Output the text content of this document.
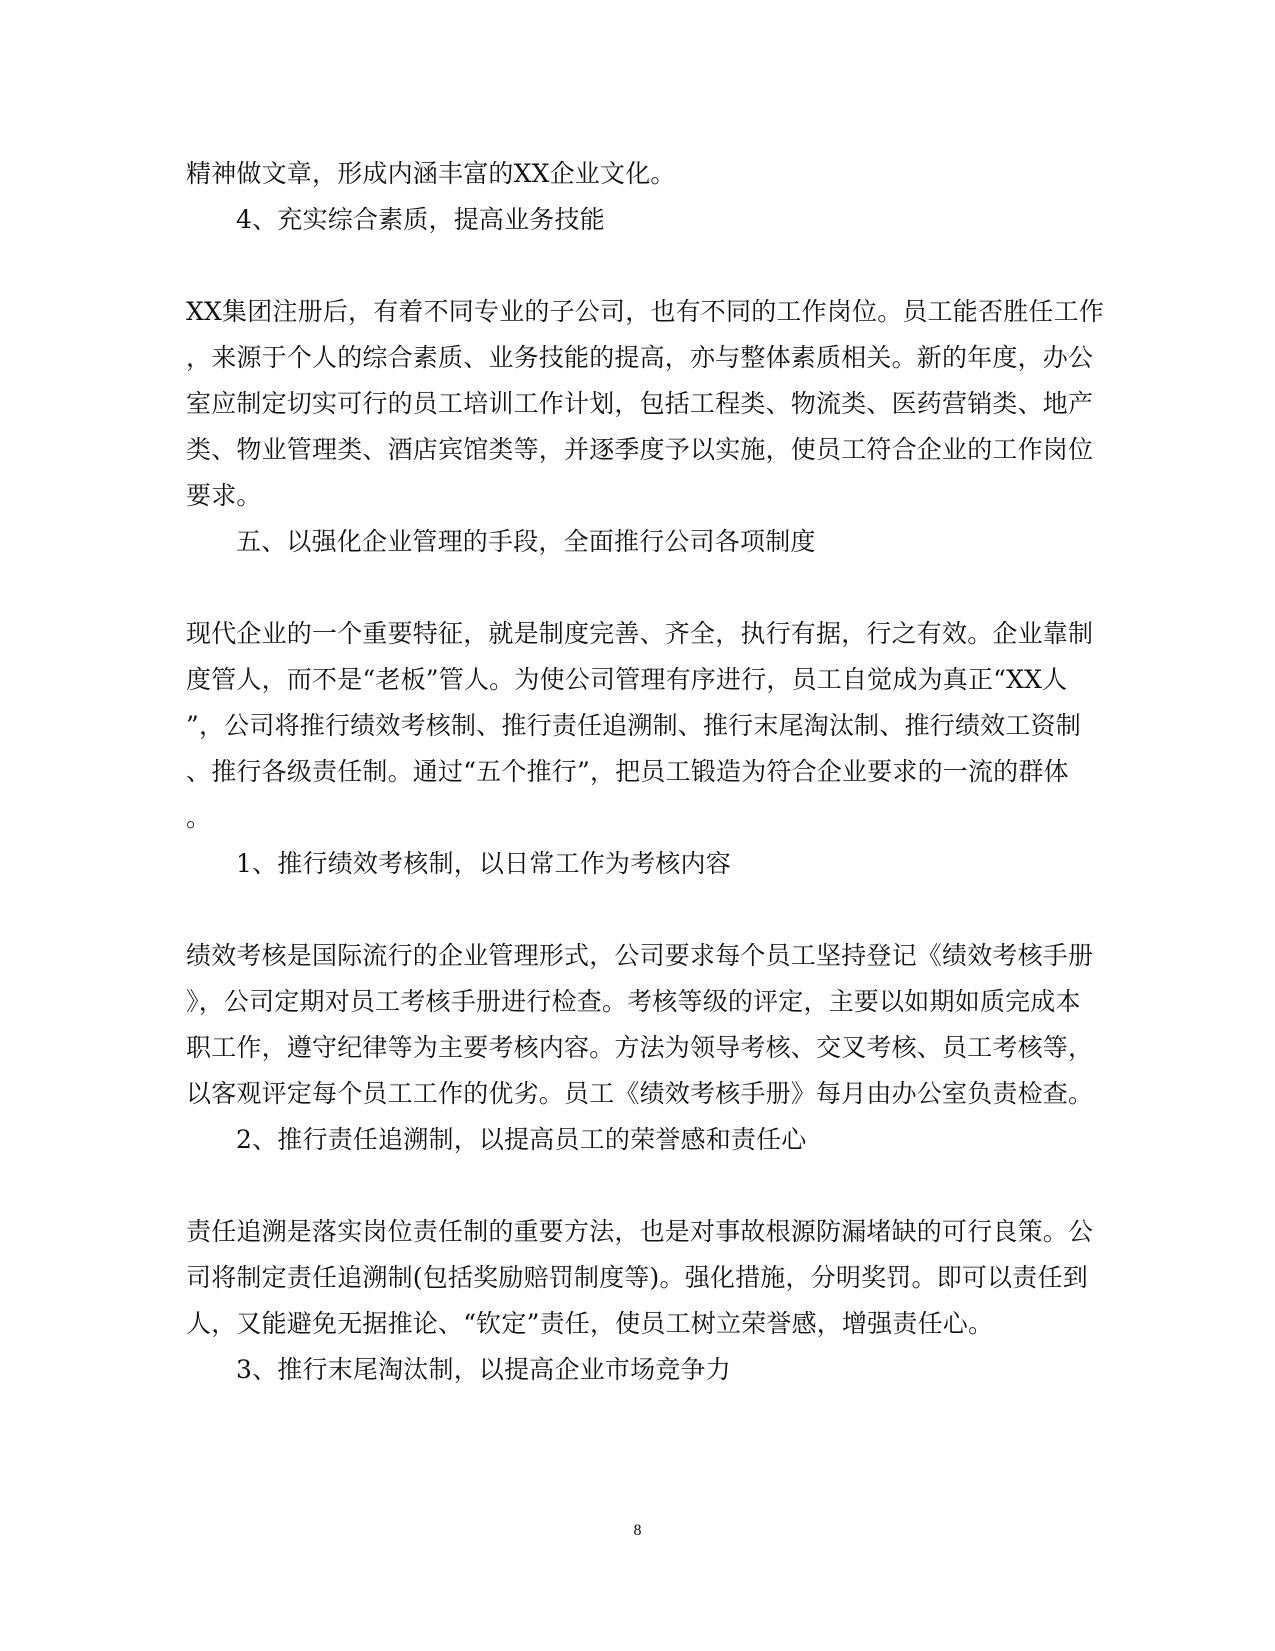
精神做文章，形成内涵丰富的XX企业文化。
4、充实综合素质，提高业务技能
XX集团注册后，有着不同专业的子公司，也有不同的工作岗位。员工能否胜任工作
，来源于个人的综合素质、业务技能的提高，亦与整体素质相关。新的年度，办公
室应制定切实可行的员工培训工作计划，包括工程类、物流类、医药营销类、地产
类、物业管理类、酒店宾馆类等，并逐季度予以实施，使员工符合企业的工作岗位
要求。
五、以强化企业管理的手段，全面推行公司各项制度
现代企业的一个重要特征，就是制度完善、齐全，执行有据，行之有效。企业靠制
度管人，而不是“老板”管人。为使公司管理有序进行，员工自觉成为真正“XX人
”，公司将推行绩效考核制、推行责任追溯制、推行末尾淘汰制、推行绩效工资制
、推行各级责任制。通过“五个推行”，把员工锻造为符合企业要求的一流的群体
。
1、推行绩效考核制，以日常工作为考核内容
绩效考核是国际流行的企业管理形式，公司要求每个员工坚持登记《绩效考核手册
》，公司定期对员工考核手册进行检查。考核等级的评定，主要以如期如质完成本
职工作，遵守纪律等为主要考核内容。方法为领导考核、交叉考核、员工考核等，
以客观评定每个员工工作的优劣。员工《绩效考核手册》每月由办公室负责检查。
2、推行责任追溯制，以提高员工的荣誉感和责任心
责任追溯是落实岗位责任制的重要方法，也是对事故根源防漏堵缺的可行良策。公
司将制定责任追溯制(包括奖励赔罚制度等)。强化措施，分明奖罚。即可以责任到
人，又能避免无据推论、“钦定”责任，使员工树立荣誉感，增强责任心。
3、推行末尾淘汰制，以提高企业市场竞争力
8
